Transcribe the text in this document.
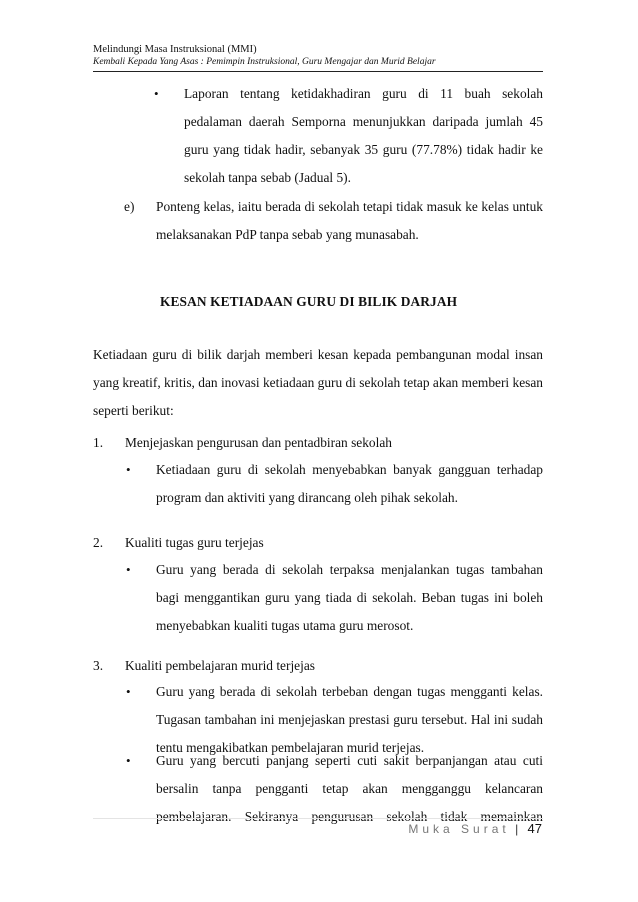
Melindungi Masa Instruksional (MMI)
Kembali Kepada Yang Asas : Pemimpin Instruksional, Guru Mengajar dan Murid Belajar
• Laporan tentang ketidakhadiran guru di 11 buah sekolah pedalaman daerah Semporna menunjukkan daripada jumlah 45 guru yang tidak hadir, sebanyak 35 guru (77.78%) tidak hadir ke sekolah tanpa sebab (Jadual 5).
e) Ponteng kelas, iaitu berada di sekolah tetapi tidak masuk ke kelas untuk melaksanakan PdP tanpa sebab yang munasabah.
KESAN KETIADAAN GURU DI BILIK DARJAH
Ketiadaan guru di bilik darjah memberi kesan kepada pembangunan modal insan yang kreatif, kritis, dan inovasi ketiadaan guru di sekolah tetap akan memberi kesan seperti berikut:
1. Menjejaskan pengurusan dan pentadbiran sekolah
• Ketiadaan guru di sekolah menyebabkan banyak gangguan terhadap program dan aktiviti yang dirancang oleh pihak sekolah.
2. Kualiti tugas guru terjejas
• Guru yang berada di sekolah terpaksa menjalankan tugas tambahan bagi menggantikan guru yang tiada di sekolah. Beban tugas ini boleh menyebabkan kualiti tugas utama guru merosot.
3. Kualiti pembelajaran murid terjejas
• Guru yang berada di sekolah terbeban dengan tugas mengganti kelas. Tugasan tambahan ini menjejaskan prestasi guru tersebut. Hal ini sudah tentu mengakibatkan pembelajaran murid terjejas.
• Guru yang bercuti panjang seperti cuti sakit berpanjangan atau cuti bersalin tanpa pengganti tetap akan mengganggu kelancaran pembelajaran. Sekiranya pengurusan sekolah tidak memainkan
Muka Surat | 47
